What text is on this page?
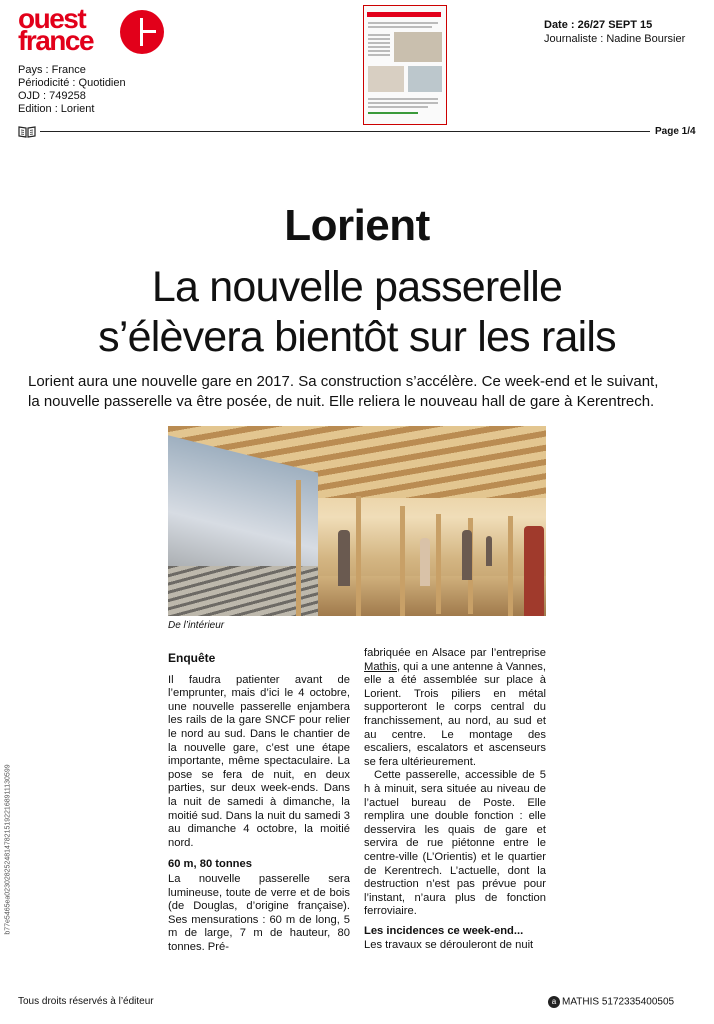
ouest
france
Pays : France
Périodicité : Quotidien
OJD : 749258
Edition : Lorient
Date : 26/27 SEPT 15
Journaliste : Nadine Boursier
Page 1/4
Lorient
La nouvelle passerelle
s’élèvera bientôt sur les rails
Lorient aura une nouvelle gare en 2017. Sa construction s’accélère. Ce week-end et le suivant,
la nouvelle passerelle va être posée, de nuit. Elle reliera le nouveau hall de gare à Kerentrech.
De l’intérieur
Enquête

Il faudra patienter avant de l’emprunter, mais d’ici le 4 octobre, une nouvelle passerelle enjambera les rails de la gare SNCF pour relier le nord au sud. Dans le chantier de la nouvelle gare, c’est une étape importante, même spectaculaire. La pose se fera de nuit, en deux parties, sur deux week-ends. Dans la nuit de samedi à dimanche, la moitié sud. Dans la nuit du samedi 3 au dimanche 4 octobre, la moitié nord.

60 m, 80 tonnes

La nouvelle passerelle sera lumineuse, toute de verre et de bois (de Douglas, d’origine française). Ses mensurations : 60 m de long, 5 m de large, 7 m de hauteur, 80 tonnes. Pré-

fabriquée en Alsace par l’entreprise Mathis, qui a une antenne à Vannes, elle a été assemblée sur place à Lorient. Trois piliers en métal supporteront le corps central du franchissement, au nord, au sud et au centre. Le montage des escaliers, escalators et ascenseurs se fera ultérieurement.

Cette passerelle, accessible de 5 h à minuit, sera située au niveau de l’actuel bureau de Poste. Elle remplira une double fonction : elle desservira les quais de gare et servira de rue piétonne entre le centre-ville (L’Orientis) et le quartier de Kerentrech. L’actuelle, dont la destruction n’est pas prévue pour l’instant, n’aura plus de fonction ferroviaire.

Les incidences ce week-end...

Les travaux se dérouleront de nuit

b77e5465ea0230282524814782151922168911130599
Tous droits réservés à l’éditeur	a MATHIS 5172335400505
